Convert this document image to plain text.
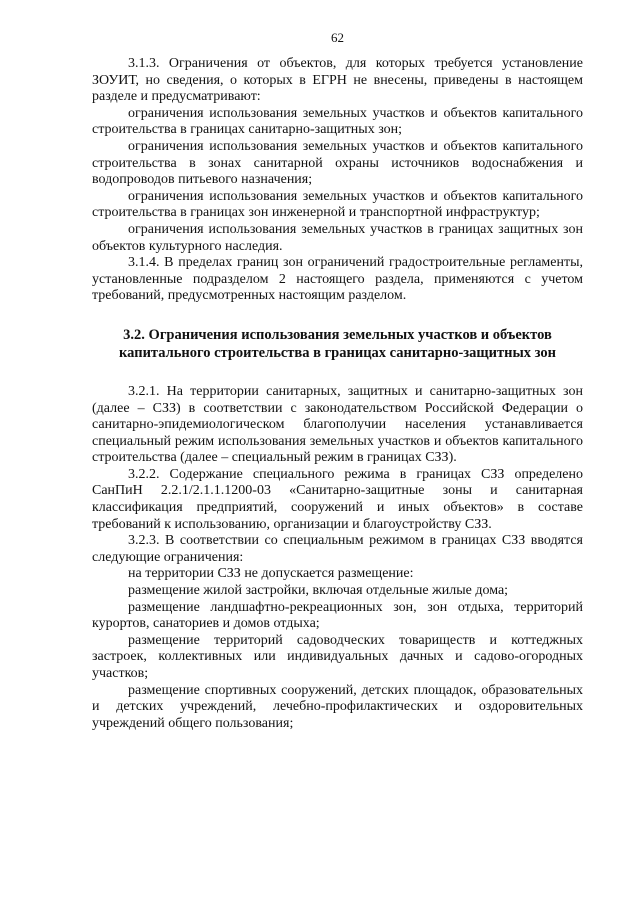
62

3.1.3. Ограничения от объектов, для которых требуется установление ЗОУИТ, но сведения, о которых в ЕГРН не внесены, приведены в настоящем разделе и предусматривают:

ограничения использования земельных участков и объектов капитального строительства в границах санитарно-защитных зон;

ограничения использования земельных участков и объектов капитального строительства в зонах санитарной охраны источников водоснабжения и водопроводов питьевого назначения;

ограничения использования земельных участков и объектов капитального строительства в границах зон инженерной и транспортной инфраструктур;

ограничения использования земельных участков в границах защитных зон объектов культурного наследия.

3.1.4. В пределах границ зон ограничений градостроительные регламенты, установленные подразделом 2 настоящего раздела, применяются с учетом требований, предусмотренных настоящим разделом.

3.2. Ограничения использования земельных участков и объектов капитального строительства в границах санитарно-защитных зон

3.2.1. На территории санитарных, защитных и санитарно-защитных зон (далее – СЗЗ) в соответствии с законодательством Российской Федерации о санитарно-эпидемиологическом благополучии населения устанавливается специальный режим использования земельных участков и объектов капитального строительства (далее – специальный режим в границах СЗЗ).

3.2.2. Содержание специального режима в границах СЗЗ определено СанПиН 2.2.1/2.1.1.1200-03 «Санитарно-защитные зоны и санитарная классификация предприятий, сооружений и иных объектов» в составе требований к использованию, организации и благоустройству СЗЗ.

3.2.3. В соответствии со специальным режимом в границах СЗЗ вводятся следующие ограничения:

на территории СЗЗ не допускается размещение:

размещение жилой застройки, включая отдельные жилые дома;

размещение ландшафтно-рекреационных зон, зон отдыха, территорий курортов, санаториев и домов отдыха;

размещение территорий садоводческих товариществ и коттеджных застроек, коллективных или индивидуальных дачных и садово-огородных участков;

размещение спортивных сооружений, детских площадок, образовательных и детских учреждений, лечебно-профилактических и оздоровительных учреждений общего пользования;
